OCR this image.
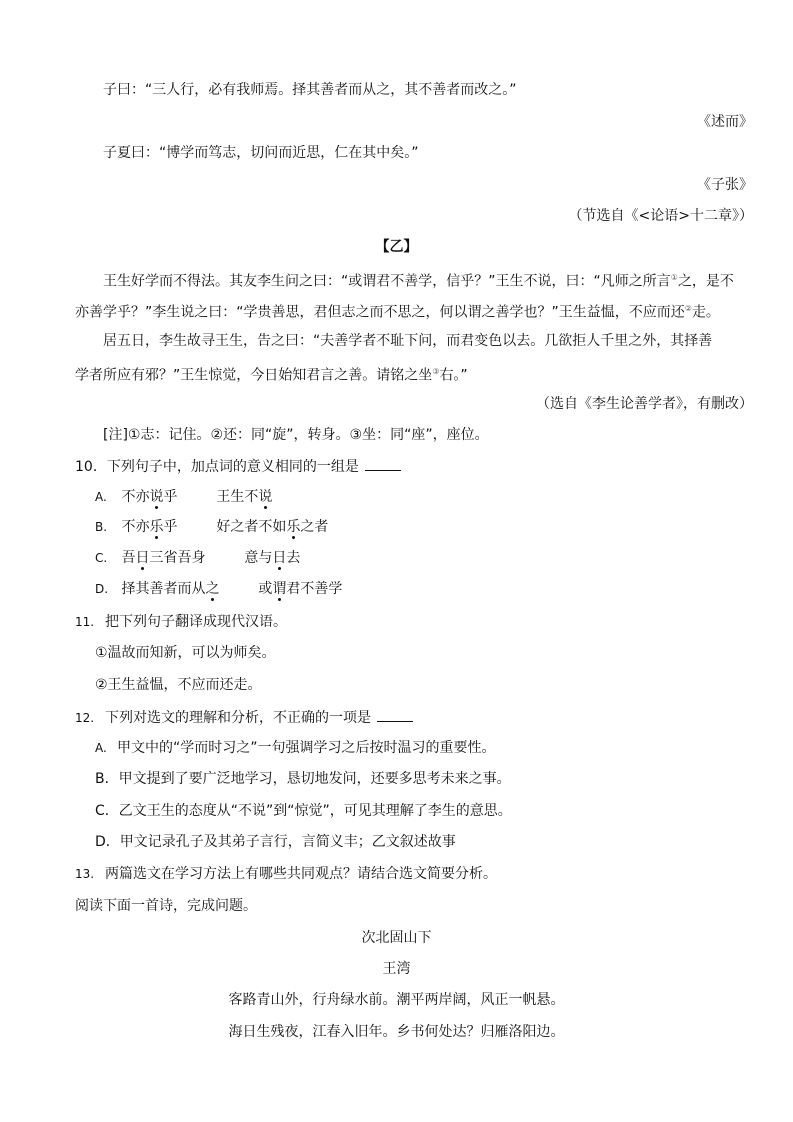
子曰：“三人行，必有我师焉。择其善者而从之，其不善者而改之。”
《述而》
子夏曰：“博学而笃志，切问而近思，仁在其中矣。”
《子张》
（节选自《<论语>十二章》）
【乙】
王生好学而不得法。其友李生问之曰：“或谓君不善学，信乎？”王生不说，曰：“凡师之所言①之，是不
亦善学乎？”李生说之曰：“学贵善思，君但志之而不思之，何以谓之善学也？”王生益愠，不应而还②走。
居五日，李生故寻王生，告之曰：“夫善学者不耻下问，而君变色以去。几欲拒人千里之外，其择善
学者所应有邪？”王生惊觉，今日始知君言之善。请铭之坐③右。”
（选自《李生论善学者》，有删改）
[注]①志：记住。②还：同“旋”，转身。③坐：同“座”，座位。
10．下列句子中，加点词的意义相同的一组是
A. 不亦说乎	王生不说
B. 不亦乐乎	好之者不如乐之者
C. 吾日三省吾身	意与日去
D. 择其善者而从之	或谓君不善学
11. 把下列句子翻译成现代汉语。
①温故而知新，可以为师矣。
②王生益愠，不应而还走。
12. 下列对选文的理解和分析，不正确的一项是
A. 甲文中的“学而时习之”一句强调学习之后按时温习的重要性。
B．甲文提到了要广泛地学习，恳切地发问，还要多思考未来之事。
C．乙文王生的态度从“不说”到“惊觉”，可见其理解了李生的意思。
D．甲文记录孔子及其弟子言行，言简义丰；乙文叙述故事
13. 两篇选文在学习方法上有哪些共同观点？请结合选文简要分析。
阅读下面一首诗，完成问题。
次北固山下
王湾
客路青山外，行舟绿水前。潮平两岸阔，风正一帆悬。
海日生残夜，江春入旧年。乡书何处达？归雁洛阳边。
